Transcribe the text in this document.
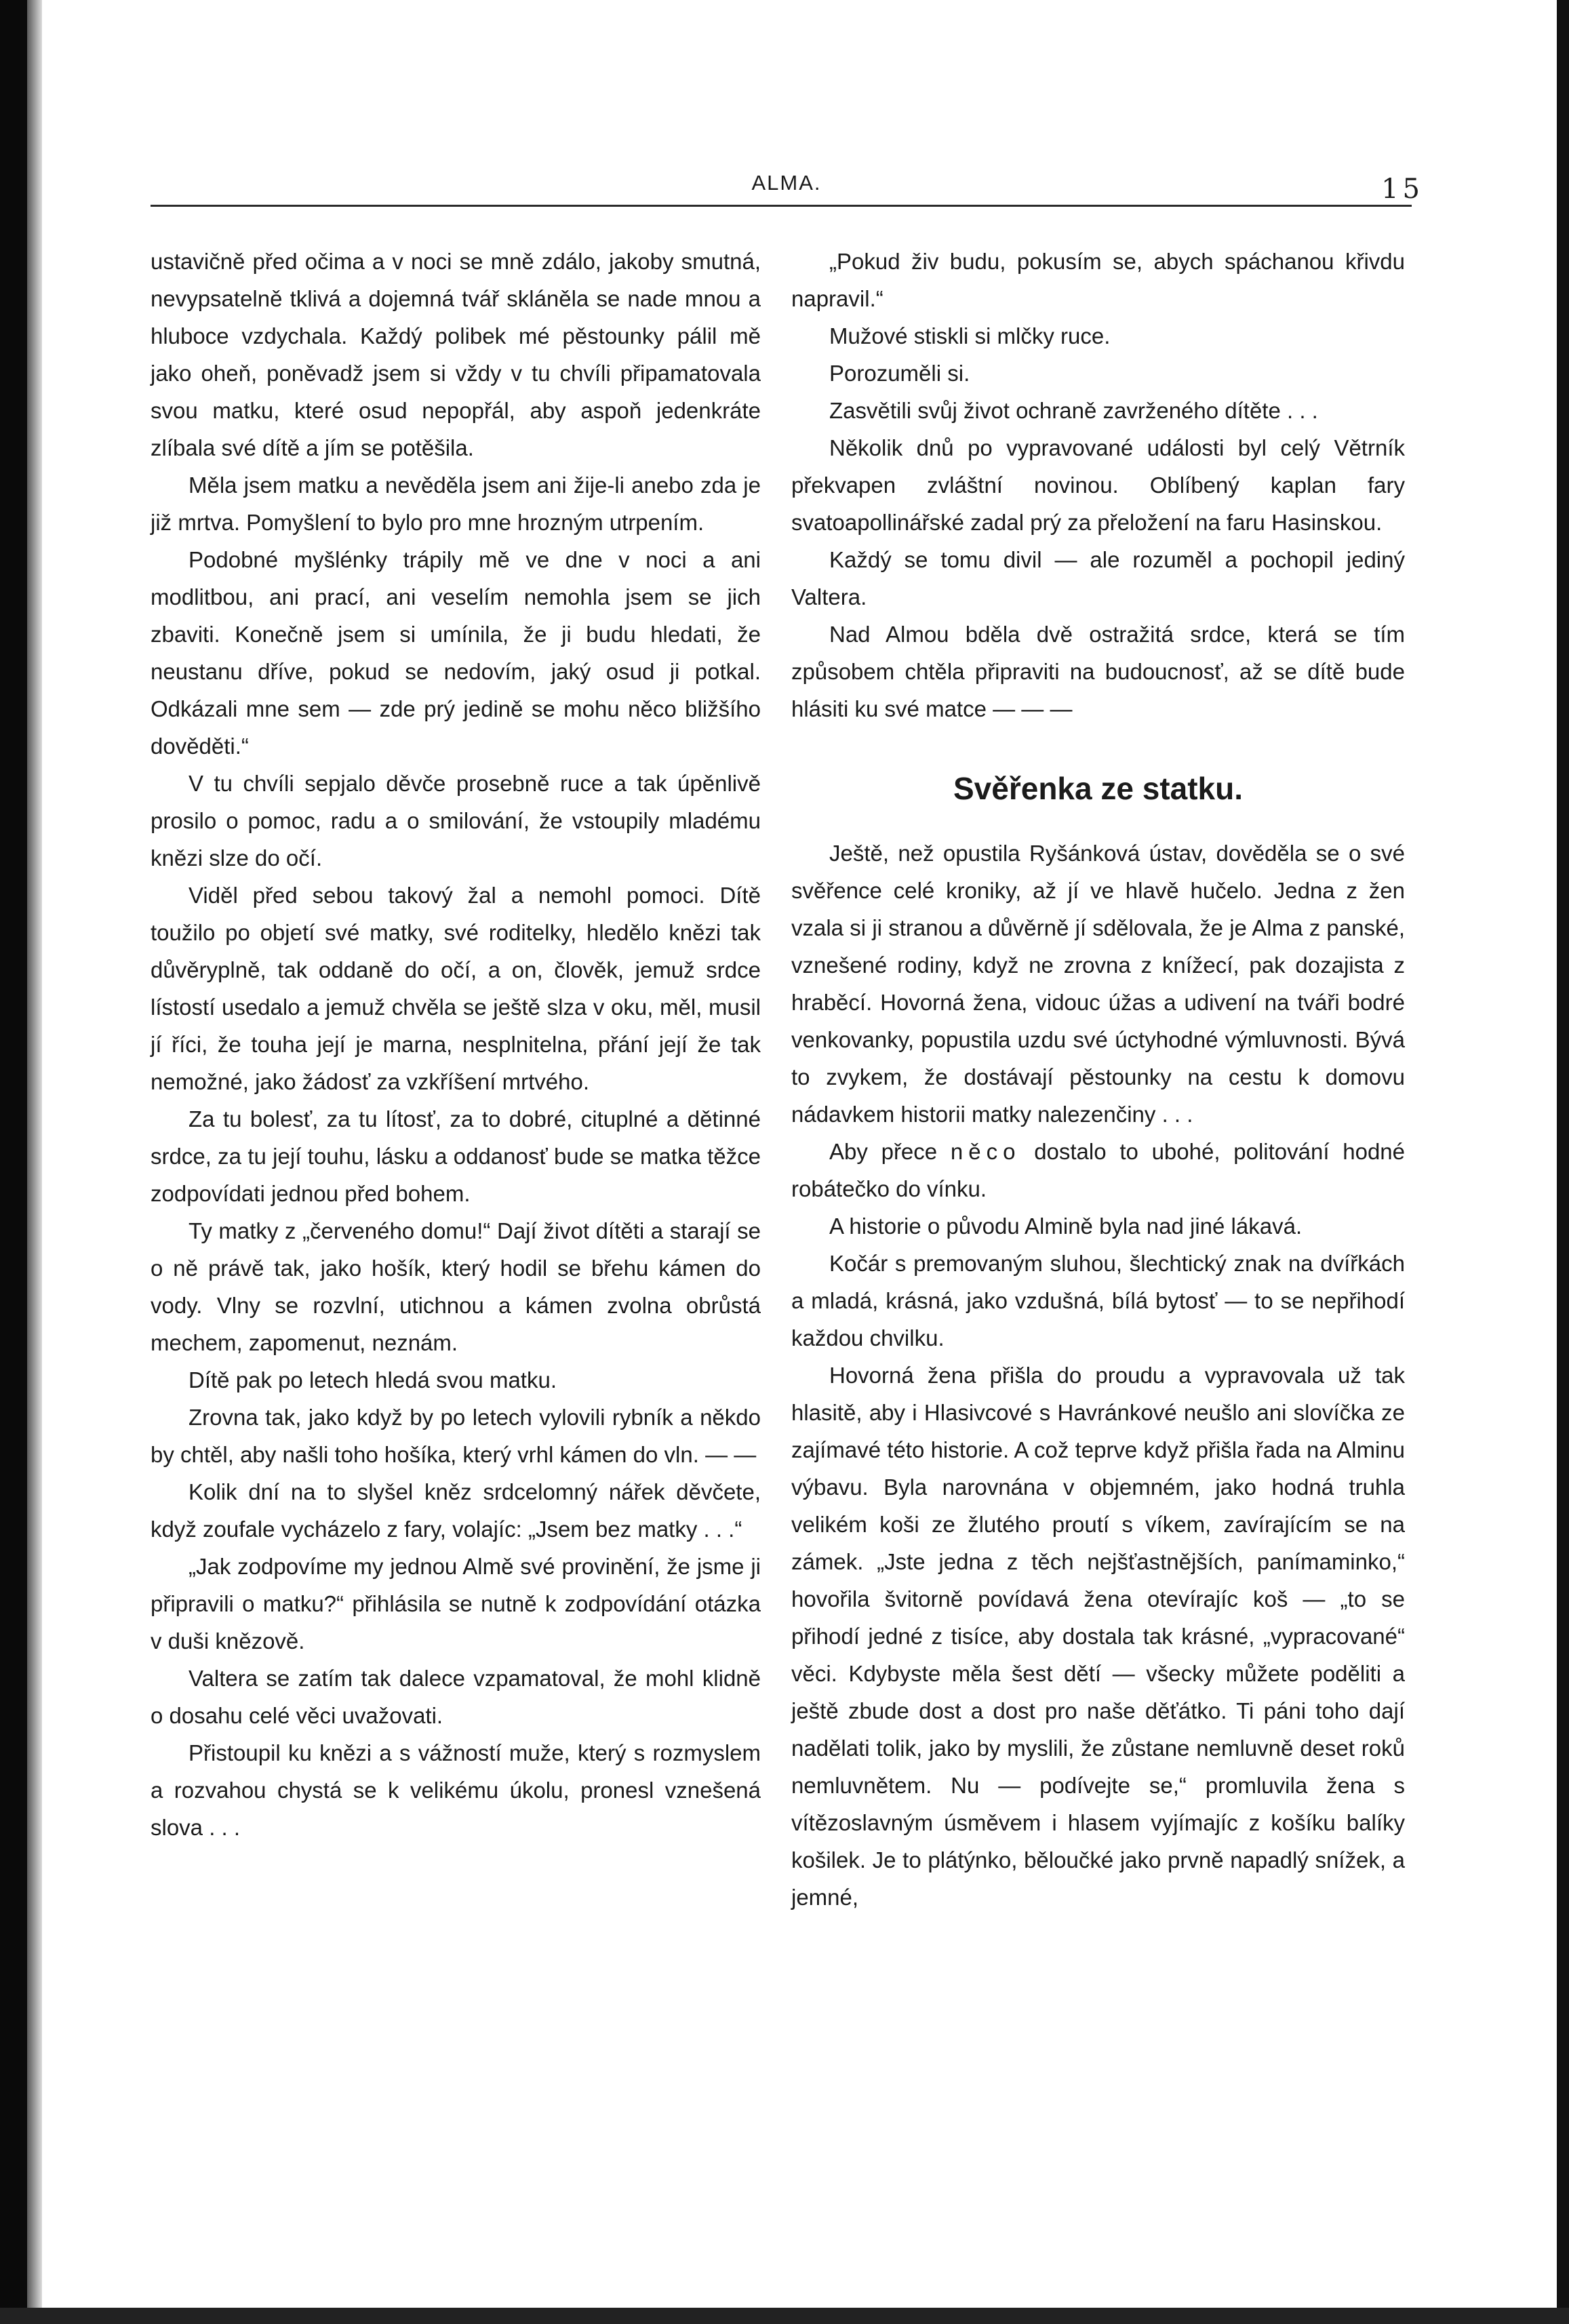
ALMA.	15

ustavičně před očima a v noci se mně zdálo, jakoby smutná, nevypsatelně tklivá a dojemná tvář skláněla se nade mnou a hluboce vzdychala. Každý polibek mé pěstounky pálil mě jako oheň, poněvadž jsem si vždy v tu chvíli připamatovala svou matku, které osud nepopřál, aby aspoň jedenkráte zlíbala své dítě a jím se potěšila.

Měla jsem matku a nevěděla jsem ani žije-li anebo zda je již mrtva. Pomyšlení to bylo pro mne hrozným utrpením.

Podobné myšlénky trápily mě ve dne v noci a ani modlitbou, ani prací, ani veselím nemohla jsem se jich zbaviti. Konečně jsem si umínila, že ji budu hledati, že neustanu dříve, pokud se nedovím, jaký osud ji potkal. Odkázali mne sem — zde prý jedině se mohu něco bližšího dověděti.“

V tu chvíli sepjalo děvče prosebně ruce a tak úpěnlivě prosilo o pomoc, radu a o smilování, že vstoupily mladému knězi slze do očí.

Viděl před sebou takový žal a nemohl pomoci. Dítě toužilo po objetí své matky, své roditelky, hledělo knězi tak důvěryplně, tak oddaně do očí, a on, člověk, jemuž srdce lístostí usedalo a jemuž chvěla se ještě slza v oku, měl, musil jí říci, že touha její je marna, nesplnitelna, přání její že tak nemožné, jako žádosť za vzkříšení mrtvého.

Za tu bolesť, za tu lítosť, za to dobré, cituplné a dětinné srdce, za tu její touhu, lásku a oddanosť bude se matka těžce zodpovídati jednou před bohem.

Ty matky z „červeného domu!“ Dají život dítěti a starají se o ně právě tak, jako hošík, který hodil se břehu kámen do vody. Vlny se rozvlní, utichnou a kámen zvolna obrůstá mechem, zapomenut, neznám.

Dítě pak po letech hledá svou matku.

Zrovna tak, jako když by po letech vylovili rybník a někdo by chtěl, aby našli toho hošíka, který vrhl kámen do vln. — —

Kolik dní na to slyšel kněz srdcelomný nářek děvčete, když zoufale vycházelo z fary, volajíc: „Jsem bez matky . . .“

„Jak zodpovíme my jednou Almě své provinění, že jsme ji připravili o matku?“ přihlásila se nutně k zodpovídání otázka v duši knězově.

Valtera se zatím tak dalece vzpamatoval, že mohl klidně o dosahu celé věci uvažovati.

Přistoupil ku knězi a s vážností muže, který s rozmyslem a rozvahou chystá se k velikému úkolu, pronesl vznešená slova . . .

„Pokud živ budu, pokusím se, abych spáchanou křivdu napravil.“

Mužové stiskli si mlčky ruce.

Porozuměli si.

Zasvětili svůj život ochraně zavrženého dítěte . . .

Několik dnů po vypravované události byl celý Větrník překvapen zvláštní novinou. Oblíbený kaplan fary svatoapollinářské zadal prý za přeložení na faru Hasinskou.

Každý se tomu divil — ale rozuměl a pochopil jediný Valtera.

Nad Almou bděla dvě ostražitá srdce, která se tím způsobem chtěla připraviti na budoucnosť, až se dítě bude hlásiti ku své matce — — —

Svěřenka ze statku.

Ještě, než opustila Ryšánková ústav, dověděla se o své svěřence celé kroniky, až jí ve hlavě hučelo. Jedna z žen vzala si ji stranou a důvěrně jí sdělovala, že je Alma z panské, vznešené rodiny, když ne zrovna z knížecí, pak dozajista z hraběcí. Hovorná žena, vidouc úžas a udivení na tváři bodré venkovanky, popustila uzdu své úctyhodné výmluvnosti. Bývá to zvykem, že dostávají pěstounky na cestu k domovu nádavkem historii matky nalezenčiny . . .

Aby přece něco dostalo to ubohé, politování hodné robátečko do vínku.

A historie o původu Almině byla nad jiné lákavá.

Kočár s premovaným sluhou, šlechtický znak na dvířkách a mladá, krásná, jako vzdušná, bílá bytosť — to se nepřihodí každou chvilku.

Hovorná žena přišla do proudu a vypravovala už tak hlasitě, aby i Hlasivcové s Havránkové neušlo ani slovíčka ze zajímavé této historie. A což teprve když přišla řada na Alminu výbavu. Byla narovnána v objemném, jako hodná truhla velikém koši ze žlutého proutí s víkem, zavírajícím se na zámek. „Jste jedna z těch nejšťastnějších, panímaminko,“ hovořila švitorně povídavá žena otevírajíc koš — „to se přihodí jedné z tisíce, aby dostala tak krásné, „vypracované“ věci. Kdybyste měla šest dětí — všecky můžete poděliti a ještě zbude dost a dost pro naše děťátko. Ti páni toho dají nadělati tolik, jako by myslili, že zůstane nemluvně deset roků nemluvnětem. Nu — podívejte se,“ promluvila žena s vítězoslavným úsměvem i hlasem vyjímajíc z košíku balíky košilek. Je to plátýnko, běloučké jako prvně napadlý snížek, a jemné,
